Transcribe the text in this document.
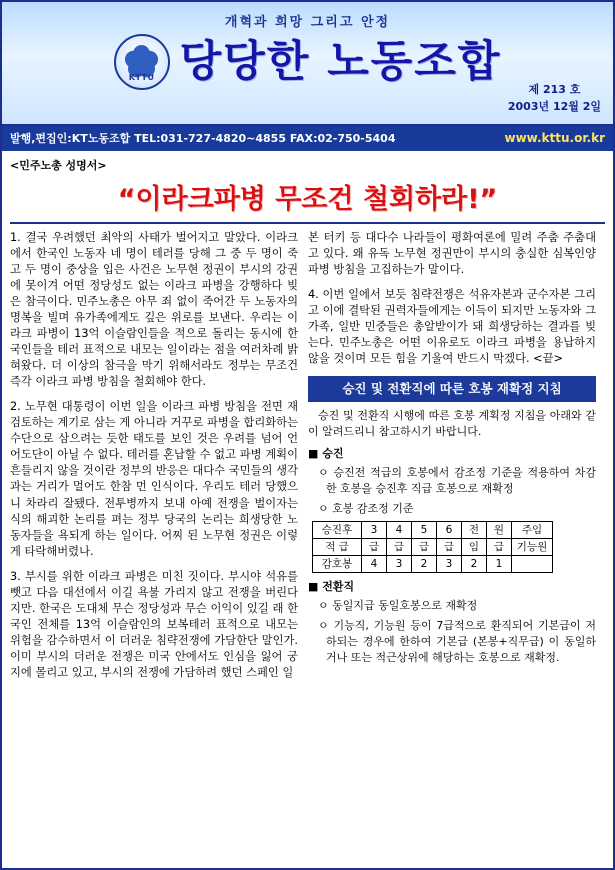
개혁과 희망 그리고 안정
KTTU 당당한 노동조합
제 213 호
2003년 12월 2일
발행,편집인:KT노동조합 TEL:031-727-4820~4855 FAX:02-750-5404	www.kttu.or.kr
<민주노총 성명서>
“이라크파병 무조건 철회하라!”

1. 결국 우려했던 최악의 사태가 벌어지고 말았다. 이라크에서 한국인 노동자 네 명이 테러를 당해 그 중 두 명이 죽고 두 명이 중상을 입은 사건은 노무현 정권이 부시의 강권에 못이겨 어떤 정당성도 없는 이라크 파병을 강행하다 빚은 참극이다. 민주노총은 아무 죄 없이 죽어간 두 노동자의 명복을 빌며 유가족에게도 깊은 위로를 보낸다. 우리는 이라크 파병이 13억 이슬람인들을 적으로 돌리는 동시에 한국인들을 테러 표적으로 내모는 일이라는 점을 여러차례 밝혀왔다. 더 이상의 참극을 막기 위해서라도 정부는 무조건 즉각 이라크 파병 방침을 철회해야 한다.

2. 노무현 대통령이 이번 일을 이라크 파병 방침을 전면 재검토하는 계기로 삼는 게 아니라 거꾸로 파병을 합리화하는 수단으로 삼으려는 듯한 태도를 보인 것은 우려를 넘어 언어도단이 아닐 수 없다. 테러를 혼납할 수 없고 파병 계획이 흔들리지 않을 것이란 정부의 반응은 대다수 국민들의 생각과는 거리가 멀어도 한참 먼 인식이다. 우리도 테러 당했으니 차라리 잘됐다. 전투병까지 보내 아예 전쟁을 벌이자는 식의 해괴한 논리를 펴는 정부 당국의 논리는 희생당한 노동자들을 욕되게 하는 일이다. 어찌 된 노무현 정권은 이렇게 타락해버렸나.

3. 부시를 위한 이라크 파병은 미친 짓이다. 부시야 석유를 뺏고 다음 대선에서 이길 욕불 가리지 않고 전쟁을 버린다지만. 한국은 도대체 무슨 정당성과 무슨 이익이 있길 래 한국인 전체를 13억 이슬람인의 보복테러 표적으로 내모는 위험을 감수하면서 이 더러운 침략전쟁에 가담한단 말인가. 이미 부시의 더러운 전쟁은 미국 안에서도 인심을 잃어 궁지에 몰리고 있고, 부시의 전쟁에 가담하려 했던 스페인 일

본 터키 등 대다수 나라들이 평화여론에 밀려 주춤 주춤대고 있다. 왜 유독 노무현 정권만이 부시의 충실한 심복인양 파병 방침을 고집하는가 말이다.

4. 이번 일에서 보듯 침략전쟁은 석유자본과 군수자본 그리고 이에 결탁된 권력자들에게는 이득이 되지만 노동자와 그 가족, 일반 민중들은 총알받이가 돼 희생당하는 결과를 빚는다. 민주노총은 어떤 이유로도 이라크 파병을 용납하지 않을 것이며 모든 힘을 기울여 반드시 막겠다. <끝>

승진 및 전환직에 따른 호봉 재확정 지침

승진 및 전환직 시행에 따른 호봉 계획정 지침을 아래와 같이 알려드리니 참고하시기 바랍니다.

■ 승진
ㅇ 승진전 적급의 호봉에서 감조정 기준을 적용하여 차감한 호봉을 승진후 직급 호봉으로 재확정
ㅇ 호봉 감조정 기준
승진후	3	4	5	6	전	원	주임
적 급	급	급	급	급	임	급	기능원
감호봉	4	3	2	3	2	1	
■ 전환직
ㅇ 동일지급 동일호봉으로 재확정
ㅇ 기능직, 기능원 등이 7급적으로 환직되어 기본급이 저하되는 경우에 한하여 기본급 (본봉+직무급) 이 동일하거나 또는 적근상위에 해당하는 호봉으로 재확정.
